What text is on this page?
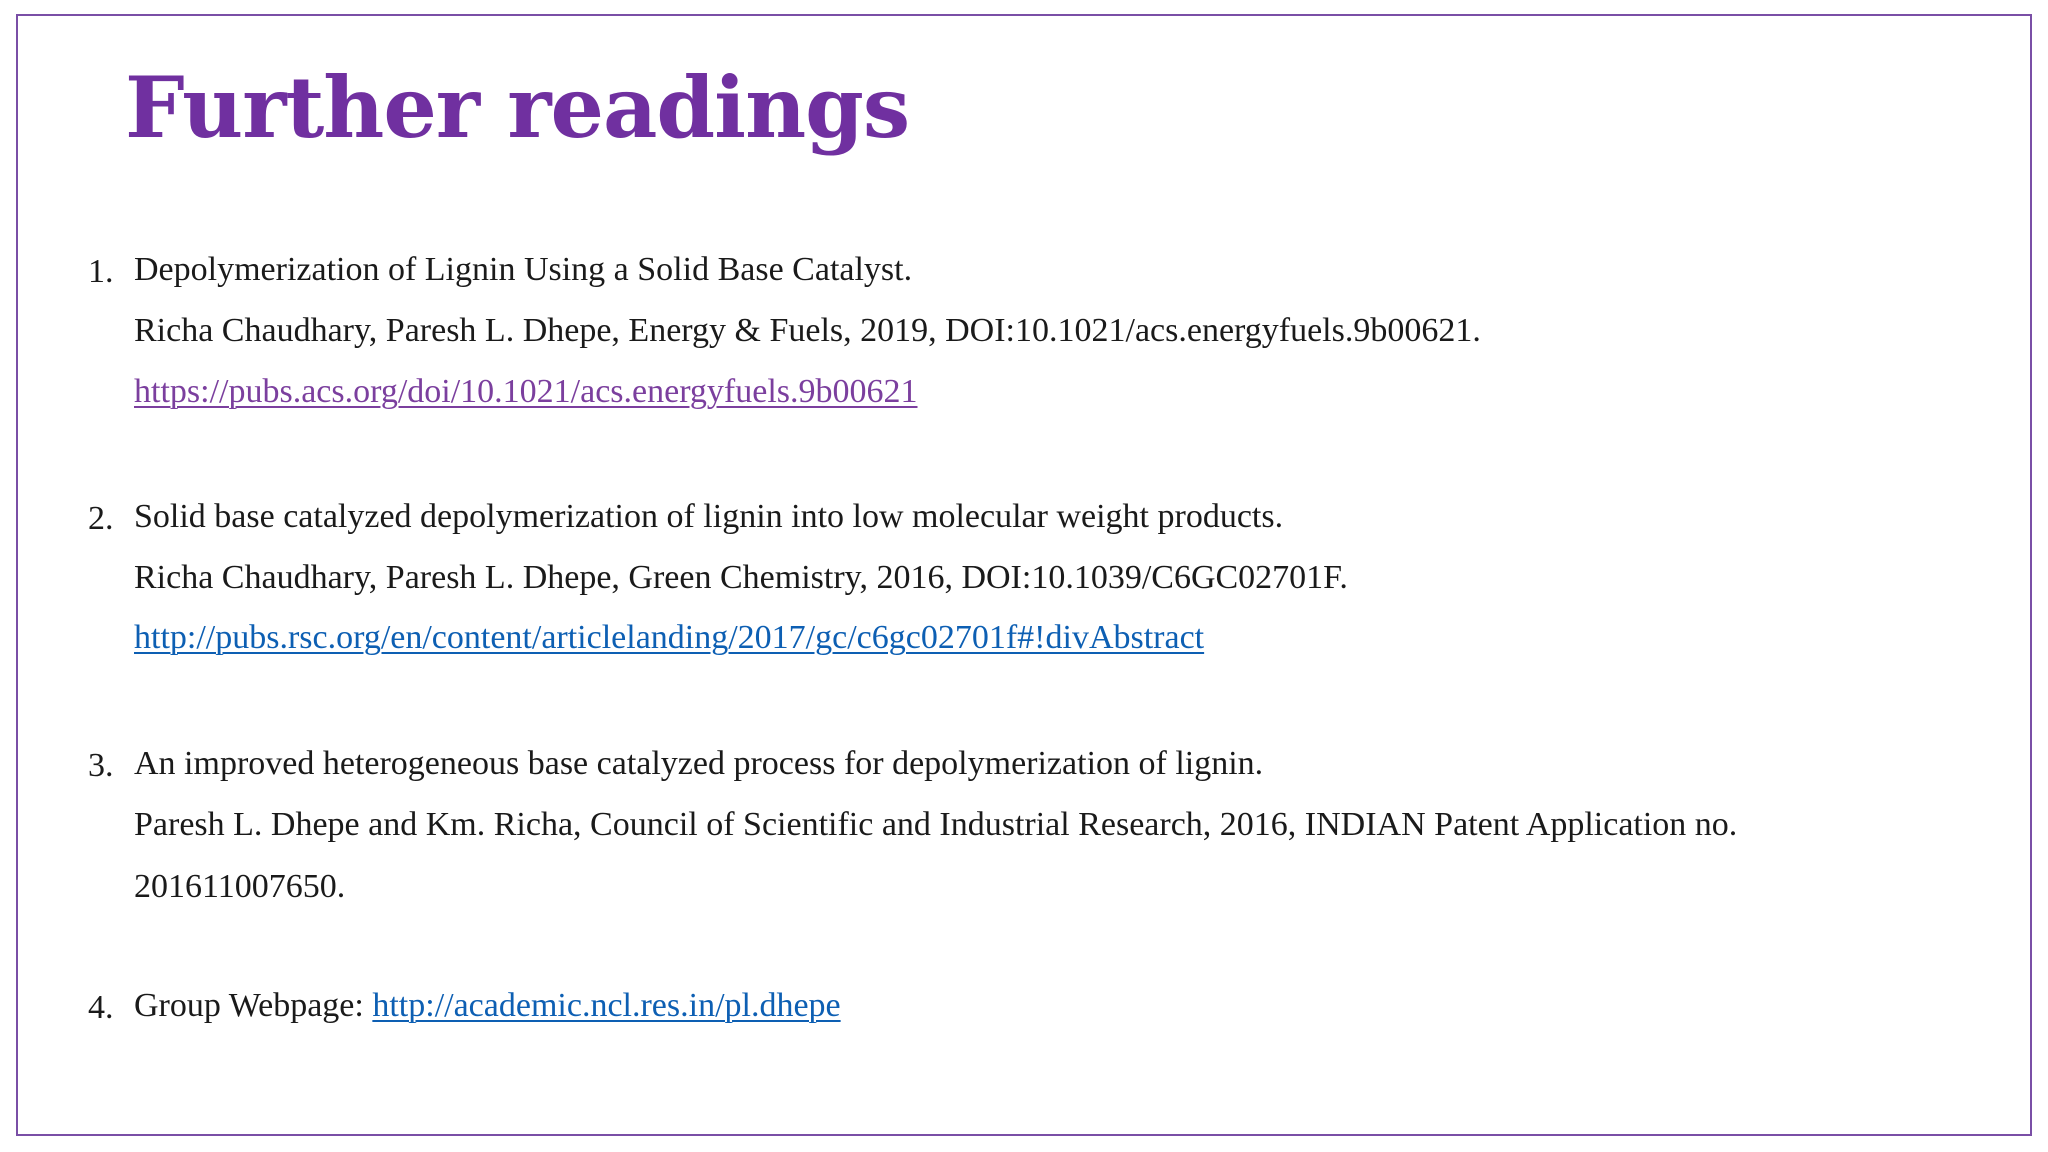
Further readings
1. Depolymerization of Lignin Using a Solid Base Catalyst.
Richa Chaudhary, Paresh L. Dhepe, Energy & Fuels, 2019, DOI:10.1021/acs.energyfuels.9b00621.
https://pubs.acs.org/doi/10.1021/acs.energyfuels.9b00621
2. Solid base catalyzed depolymerization of lignin into low molecular weight products.
Richa Chaudhary, Paresh L. Dhepe, Green Chemistry, 2016, DOI:10.1039/C6GC02701F.
http://pubs.rsc.org/en/content/articlelanding/2017/gc/c6gc02701f#!divAbstract
3. An improved heterogeneous base catalyzed process for depolymerization of lignin.
Paresh L. Dhepe and Km. Richa, Council of Scientific and Industrial Research, 2016, INDIAN Patent Application no.
201611007650.
4. Group Webpage: http://academic.ncl.res.in/pl.dhepe
